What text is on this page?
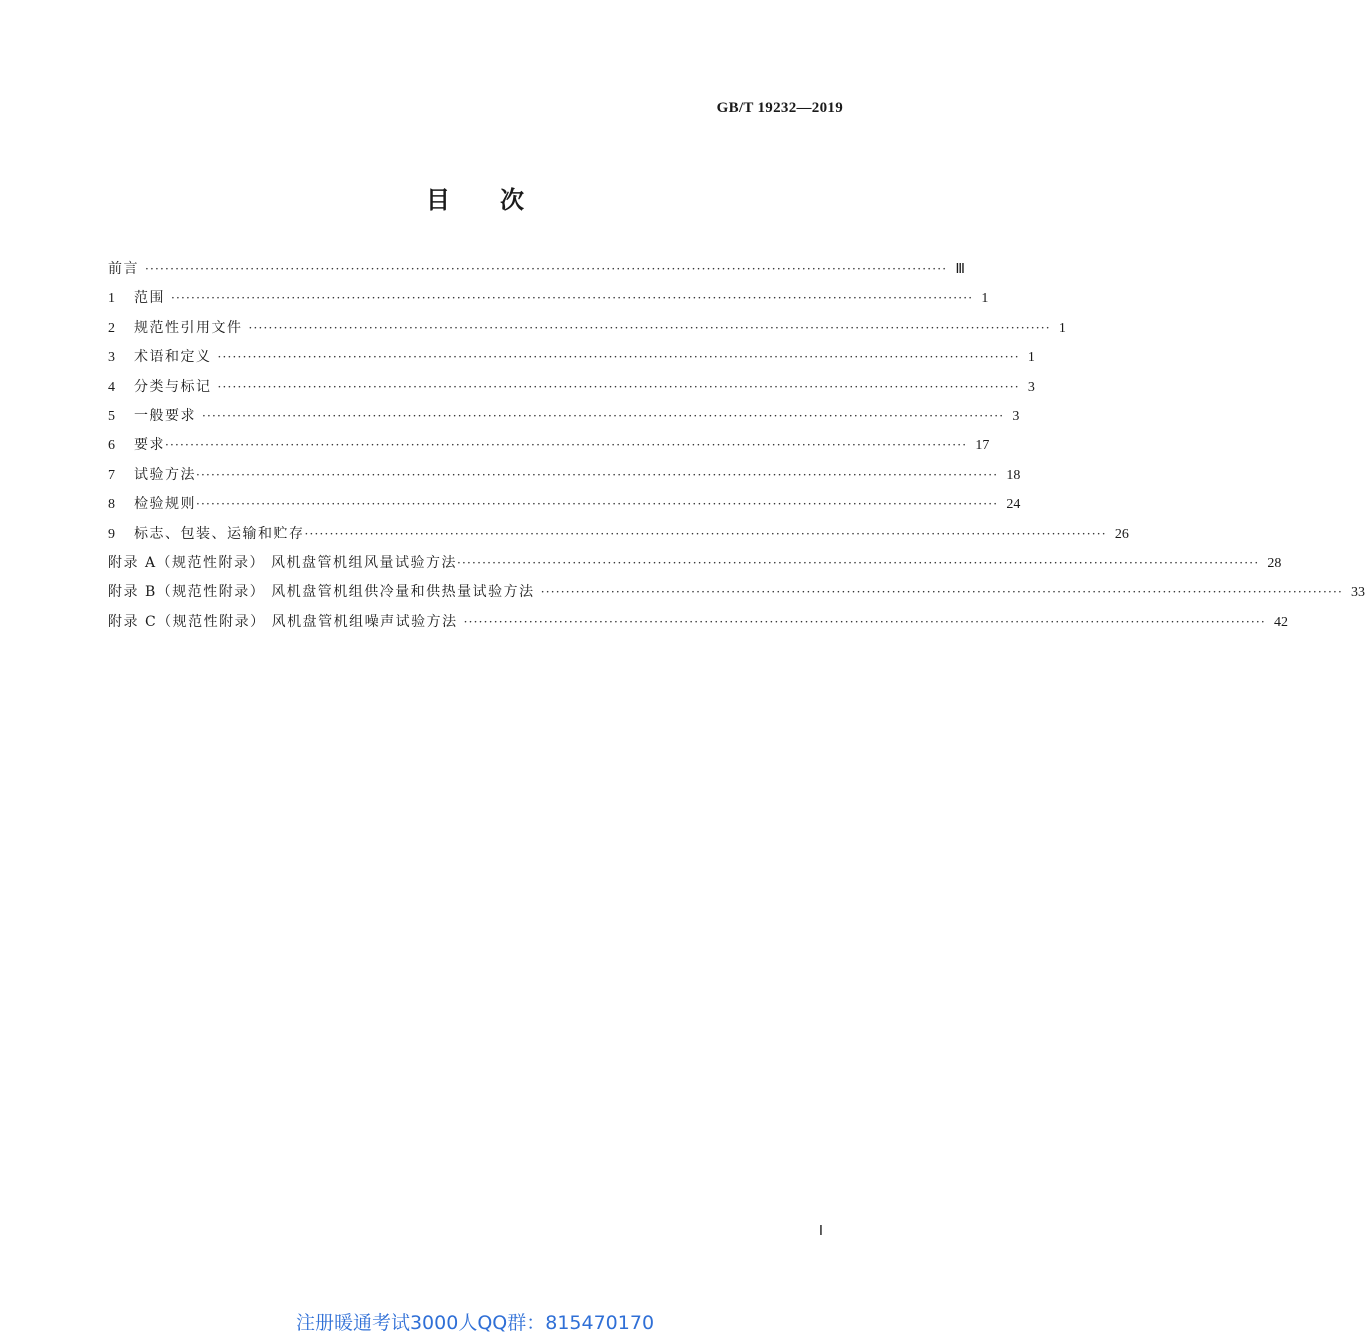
GB/T 19232—2019
目次
前言 ································································································································································ Ⅲ
1	范围 ································································································································································ 1
2	规范性引用文件 ································································································································································ 1
3	术语和定义 ································································································································································ 1
4	分类与标记 ································································································································································ 3
5	一般要求 ································································································································································ 3
6	要求 ································································································································································ 17
7	试验方法 ································································································································································ 18
8	检验规则 ································································································································································ 24
9	标志、包装、运输和贮存 ································································································································································ 26
附录 A（规范性附录） 风机盘管机组风量试验方法 ································································································································································ 28
附录 B（规范性附录） 风机盘管机组供冷量和供热量试验方法 ································································································································································ 33
附录 C（规范性附录） 风机盘管机组噪声试验方法 ································································································································································ 42
Ⅰ
注册暖通考试3000人QQ群：815470170
